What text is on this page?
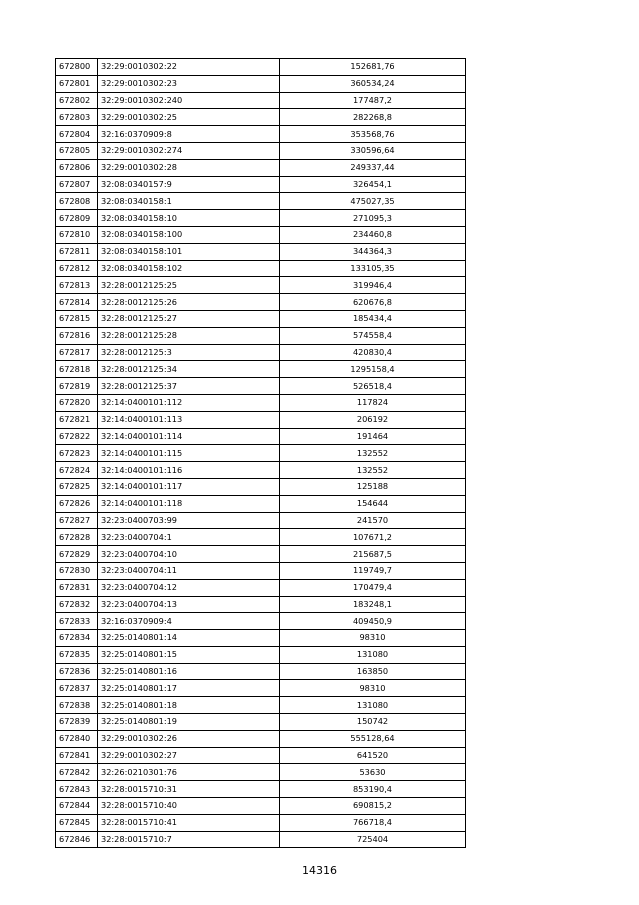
672800	32:29:0010302:22	152681,76
672801	32:29:0010302:23	360534,24
672802	32:29:0010302:240	177487,2
672803	32:29:0010302:25	282268,8
672804	32:16:0370909:8	353568,76
672805	32:29:0010302:274	330596,64
672806	32:29:0010302:28	249337,44
672807	32:08:0340157:9	326454,1
672808	32:08:0340158:1	475027,35
672809	32:08:0340158:10	271095,3
672810	32:08:0340158:100	234460,8
672811	32:08:0340158:101	344364,3
672812	32:08:0340158:102	133105,35
672813	32:28:0012125:25	319946,4
672814	32:28:0012125:26	620676,8
672815	32:28:0012125:27	185434,4
672816	32:28:0012125:28	574558,4
672817	32:28:0012125:3	420830,4
672818	32:28:0012125:34	1295158,4
672819	32:28:0012125:37	526518,4
672820	32:14:0400101:112	117824
672821	32:14:0400101:113	206192
672822	32:14:0400101:114	191464
672823	32:14:0400101:115	132552
672824	32:14:0400101:116	132552
672825	32:14:0400101:117	125188
672826	32:14:0400101:118	154644
672827	32:23:0400703:99	241570
672828	32:23:0400704:1	107671,2
672829	32:23:0400704:10	215687,5
672830	32:23:0400704:11	119749,7
672831	32:23:0400704:12	170479,4
672832	32:23:0400704:13	183248,1
672833	32:16:0370909:4	409450,9
672834	32:25:0140801:14	98310
672835	32:25:0140801:15	131080
672836	32:25:0140801:16	163850
672837	32:25:0140801:17	98310
672838	32:25:0140801:18	131080
672839	32:25:0140801:19	150742
672840	32:29:0010302:26	555128,64
672841	32:29:0010302:27	641520
672842	32:26:0210301:76	53630
672843	32:28:0015710:31	853190,4
672844	32:28:0015710:40	690815,2
672845	32:28:0015710:41	766718,4
672846	32:28:0015710:7	725404
14316
